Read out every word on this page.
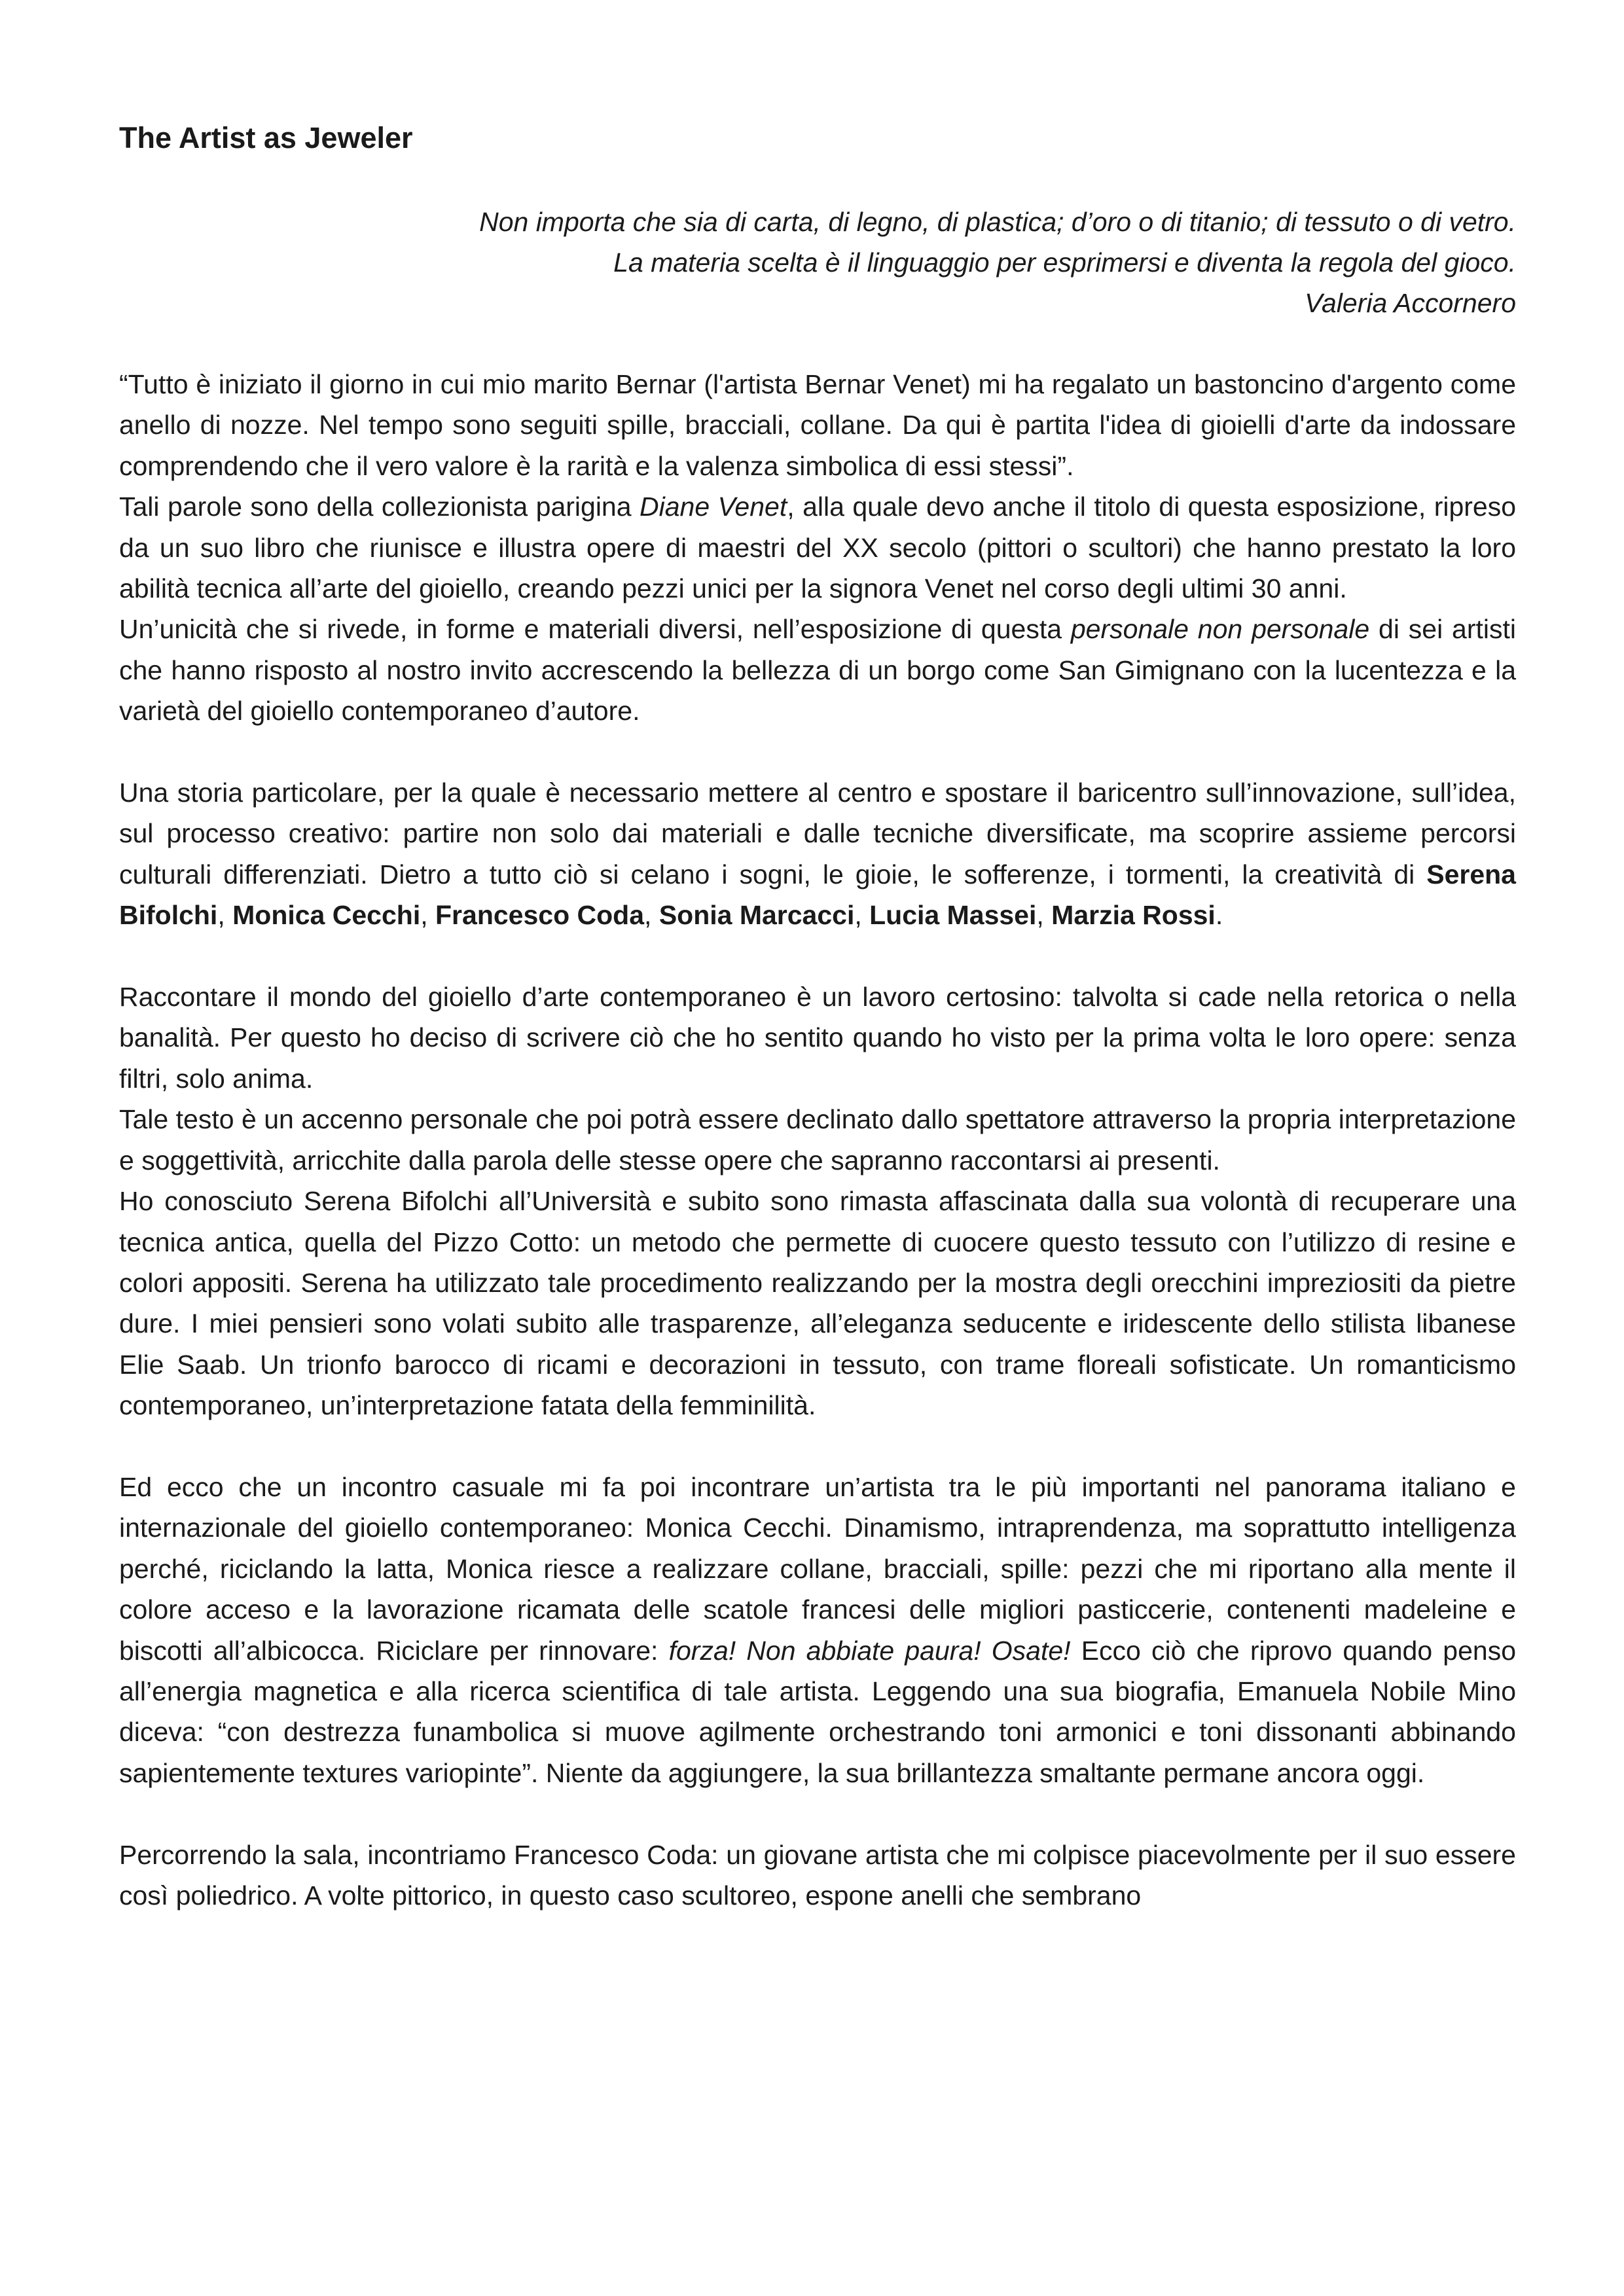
The Artist as Jeweler
Non importa che sia di carta, di legno, di plastica; d’oro o di titanio; di tessuto o di vetro.
La materia scelta è il linguaggio per esprimersi e diventa la regola del gioco.
Valeria Accornero

“Tutto è iniziato il giorno in cui mio marito Bernar (l'artista Bernar Venet) mi ha regalato un bastoncino d'argento come anello di nozze. Nel tempo sono seguiti spille, bracciali, collane. Da qui è partita l'idea di gioielli d'arte da indossare comprendendo che il vero valore è la rarità e la valenza simbolica di essi stessi”.

Tali parole sono della collezionista parigina Diane Venet, alla quale devo anche il titolo di questa esposizione, ripreso da un suo libro che riunisce e illustra opere di maestri del XX secolo (pittori o scultori) che hanno prestato la loro abilità tecnica all’arte del gioiello, creando pezzi unici per la signora Venet nel corso degli ultimi 30 anni.

Un’unicità che si rivede, in forme e materiali diversi, nell’esposizione di questa personale non personale di sei artisti che hanno risposto al nostro invito accrescendo la bellezza di un borgo come San Gimignano con la lucentezza e la varietà del gioiello contemporaneo d’autore.

Una storia particolare, per la quale è necessario mettere al centro e spostare il baricentro sull’innovazione, sull’idea, sul processo creativo: partire non solo dai materiali e dalle tecniche diversificate, ma scoprire assieme percorsi culturali differenziati. Dietro a tutto ciò si celano i sogni, le gioie, le sofferenze, i tormenti, la creatività di Serena Bifolchi, Monica Cecchi, Francesco Coda, Sonia Marcacci, Lucia Massei, Marzia Rossi.

Raccontare il mondo del gioiello d’arte contemporaneo è un lavoro certosino: talvolta si cade nella retorica o nella banalità. Per questo ho deciso di scrivere ciò che ho sentito quando ho visto per la prima volta le loro opere: senza filtri, solo anima.

Tale testo è un accenno personale che poi potrà essere declinato dallo spettatore attraverso la propria interpretazione e soggettività, arricchite dalla parola delle stesse opere che sapranno raccontarsi ai presenti.

Ho conosciuto Serena Bifolchi all’Università e subito sono rimasta affascinata dalla sua volontà di recuperare una tecnica antica, quella del Pizzo Cotto: un metodo che permette di cuocere questo tessuto con l’utilizzo di resine e colori appositi. Serena ha utilizzato tale procedimento realizzando per la mostra degli orecchini impreziositi da pietre dure. I miei pensieri sono volati subito alle trasparenze, all’eleganza seducente e iridescente dello stilista libanese Elie Saab. Un trionfo barocco di ricami e decorazioni in tessuto, con trame floreali sofisticate. Un romanticismo contemporaneo, un’interpretazione fatata della femminilità.

Ed ecco che un incontro casuale mi fa poi incontrare un’artista tra le più importanti nel panorama italiano e internazionale del gioiello contemporaneo: Monica Cecchi. Dinamismo, intraprendenza, ma soprattutto intelligenza perché, riciclando la latta, Monica riesce a realizzare collane, bracciali, spille: pezzi che mi riportano alla mente il colore acceso e la lavorazione ricamata delle scatole francesi delle migliori pasticcerie, contenenti madeleine e biscotti all’albicocca. Riciclare per rinnovare: forza! Non abbiate paura! Osate! Ecco ciò che riprovo quando penso all’energia magnetica e alla ricerca scientifica di tale artista. Leggendo una sua biografia, Emanuela Nobile Mino diceva: “con destrezza funambolica si muove agilmente orchestrando toni armonici e toni dissonanti abbinando sapientemente textures variopinte”. Niente da aggiungere, la sua brillantezza smaltante permane ancora oggi.

Percorrendo la sala, incontriamo Francesco Coda: un giovane artista che mi colpisce piacevolmente per il suo essere così poliedrico. A volte pittorico, in questo caso scultoreo, espone anelli che sembrano
